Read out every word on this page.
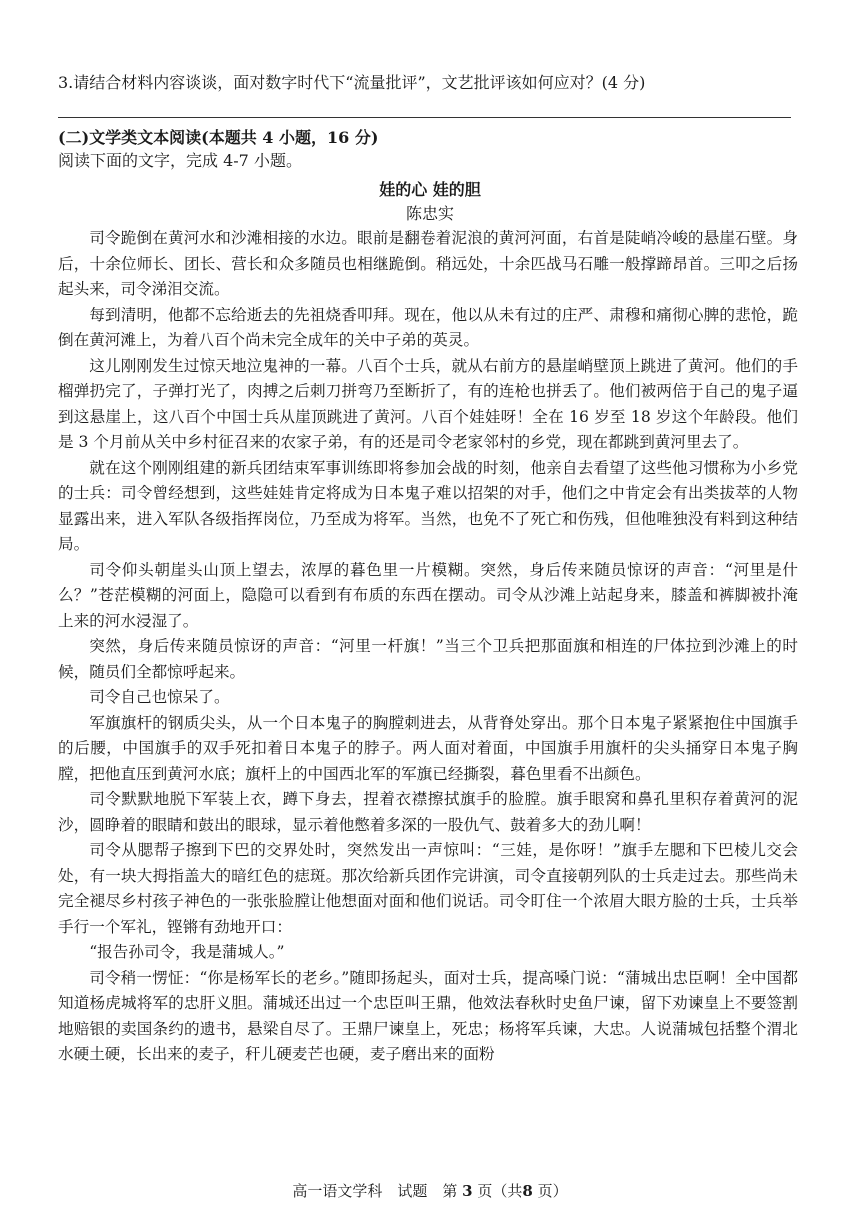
3.请结合材料内容谈谈，面对数字时代下“流量批评”，文艺批评该如何应对？(4 分)
(二)文学类文本阅读(本题共 4 小题，16 分)
阅读下面的文字，完成 4-7 小题。
娃的心 娃的胆
陈忠实

司令跪倒在黄河水和沙滩相接的水边。眼前是翻卷着泥浪的黄河河面，右首是陡峭冷峻的悬崖石壁。身后，十余位师长、团长、营长和众多随员也相继跪倒。稍远处，十余匹战马石雕一般撑蹄昂首。三叩之后扬起头来，司令涕泪交流。

每到清明，他都不忘给逝去的先祖烧香叩拜。现在，他以从未有过的庄严、肃穆和痛彻心脾的悲怆，跪倒在黄河滩上，为着八百个尚未完全成年的关中子弟的英灵。

这儿刚刚发生过惊天地泣鬼神的一幕。八百个士兵，就从右前方的悬崖峭壁顶上跳进了黄河。他们的手榴弹扔完了，子弹打光了，肉搏之后刺刀拼弯乃至断折了，有的连枪也拼丢了。他们被两倍于自己的鬼子逼到这悬崖上，这八百个中国士兵从崖顶跳进了黄河。八百个娃娃呀！全在 16 岁至 18 岁这个年龄段。他们是 3 个月前从关中乡村征召来的农家子弟，有的还是司令老家邻村的乡党，现在都跳到黄河里去了。

就在这个刚刚组建的新兵团结束军事训练即将参加会战的时刻，他亲自去看望了这些他习惯称为小乡党的士兵：司令曾经想到，这些娃娃肯定将成为日本鬼子难以招架的对手，他们之中肯定会有出类拔萃的人物显露出来，进入军队各级指挥岗位，乃至成为将军。当然，也免不了死亡和伤残，但他唯独没有料到这种结局。

司令仰头朝崖头山顶上望去，浓厚的暮色里一片模糊。突然，身后传来随员惊讶的声音：“河里是什么？”苍茫模糊的河面上，隐隐可以看到有布质的东西在摆动。司令从沙滩上站起身来，膝盖和裤脚被扑淹上来的河水浸湿了。

突然，身后传来随员惊讶的声音：“河里一杆旗！”当三个卫兵把那面旗和相连的尸体拉到沙滩上的时候，随员们全都惊呼起来。

司令自己也惊呆了。

军旗旗杆的钢质尖头，从一个日本鬼子的胸膛刺进去，从背脊处穿出。那个日本鬼子紧紧抱住中国旗手的后腰，中国旗手的双手死扣着日本鬼子的脖子。两人面对着面，中国旗手用旗杆的尖头捅穿日本鬼子胸膛，把他直压到黄河水底；旗杆上的中国西北军的军旗已经撕裂，暮色里看不出颜色。

司令默默地脱下军装上衣，蹲下身去，捏着衣襟擦拭旗手的脸膛。旗手眼窝和鼻孔里积存着黄河的泥沙，圆睁着的眼睛和鼓出的眼球，显示着他憋着多深的一股仇气、鼓着多大的劲儿啊！

司令从腮帮子擦到下巴的交界处时，突然发出一声惊叫：“三娃，是你呀！”旗手左腮和下巴棱儿交会处，有一块大拇指盖大的暗红色的痣斑。那次给新兵团作完讲演，司令直接朝列队的士兵走过去。那些尚未完全褪尽乡村孩子神色的一张张脸膛让他想面对面和他们说话。司令盯住一个浓眉大眼方脸的士兵，士兵举手行一个军礼，铿锵有劲地开口：

“报告孙司令，我是蒲城人。”

司令稍一愣怔：“你是杨军长的老乡。”随即扬起头，面对士兵，提高嗓门说：“蒲城出忠臣啊！全中国都知道杨虎城将军的忠肝义胆。蒲城还出过一个忠臣叫王鼎，他效法春秋时史鱼尸谏，留下劝谏皇上不要签割地赔银的卖国条约的遗书，悬梁自尽了。王鼎尸谏皇上，死忠；杨将军兵谏，大忠。人说蒲城包括整个渭北水硬土硬，长出来的麦子，秆儿硬麦芒也硬，麦子磨出来的面粉

高一语文学科　试题　第 3 页（共8 页）
